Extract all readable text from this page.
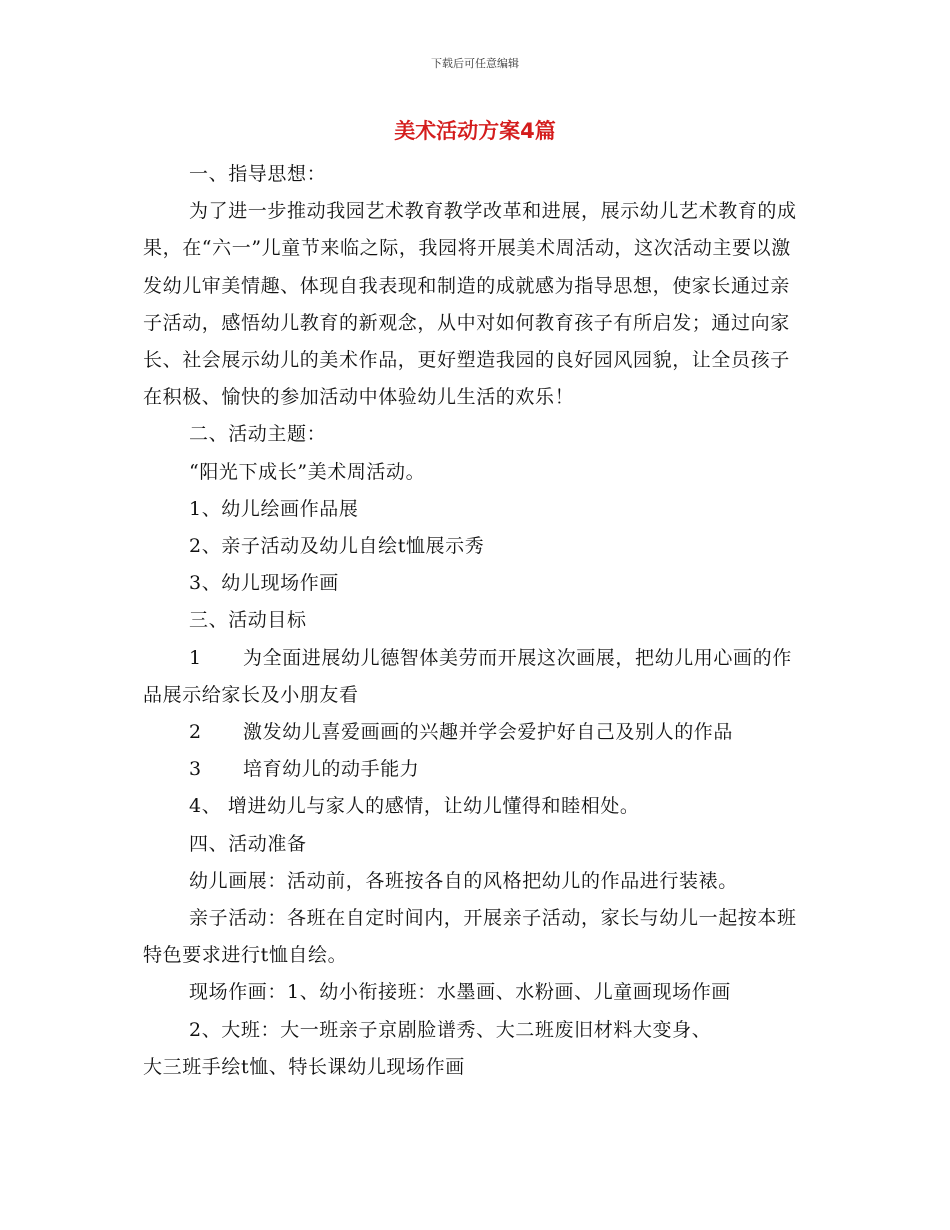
下载后可任意编辑
美术活动方案4篇

一、指导思想：

为了进一步推动我园艺术教育教学改革和进展，展示幼儿艺术教育的成果，在“六一”儿童节来临之际，我园将开展美术周活动，这次活动主要以激发幼儿审美情趣、体现自我表现和制造的成就感为指导思想，使家长通过亲子活动，感悟幼儿教育的新观念，从中对如何教育孩子有所启发；通过向家长、社会展示幼儿的美术作品，更好塑造我园的良好园风园貌，让全员孩子在积极、愉快的参加活动中体验幼儿生活的欢乐！

二、活动主题：

“阳光下成长”美术周活动。

1、幼儿绘画作品展

2、亲子活动及幼儿自绘t恤展示秀

3、幼儿现场作画

三、活动目标

1 为全面进展幼儿德智体美劳而开展这次画展，把幼儿用心画的作品展示给家长及小朋友看

2 激发幼儿喜爱画画的兴趣并学会爱护好自己及别人的作品

3 培育幼儿的动手能力

4、 增进幼儿与家人的感情，让幼儿懂得和睦相处。

四、活动准备

幼儿画展：活动前，各班按各自的风格把幼儿的作品进行装裱。

亲子活动：各班在自定时间内，开展亲子活动，家长与幼儿一起按本班特色要求进行t恤自绘。

现场作画：1、幼小衔接班：水墨画、水粉画、儿童画现场作画

2、大班：大一班亲子京剧脸谱秀、大二班废旧材料大变身、

大三班手绘t恤、特长课幼儿现场作画
